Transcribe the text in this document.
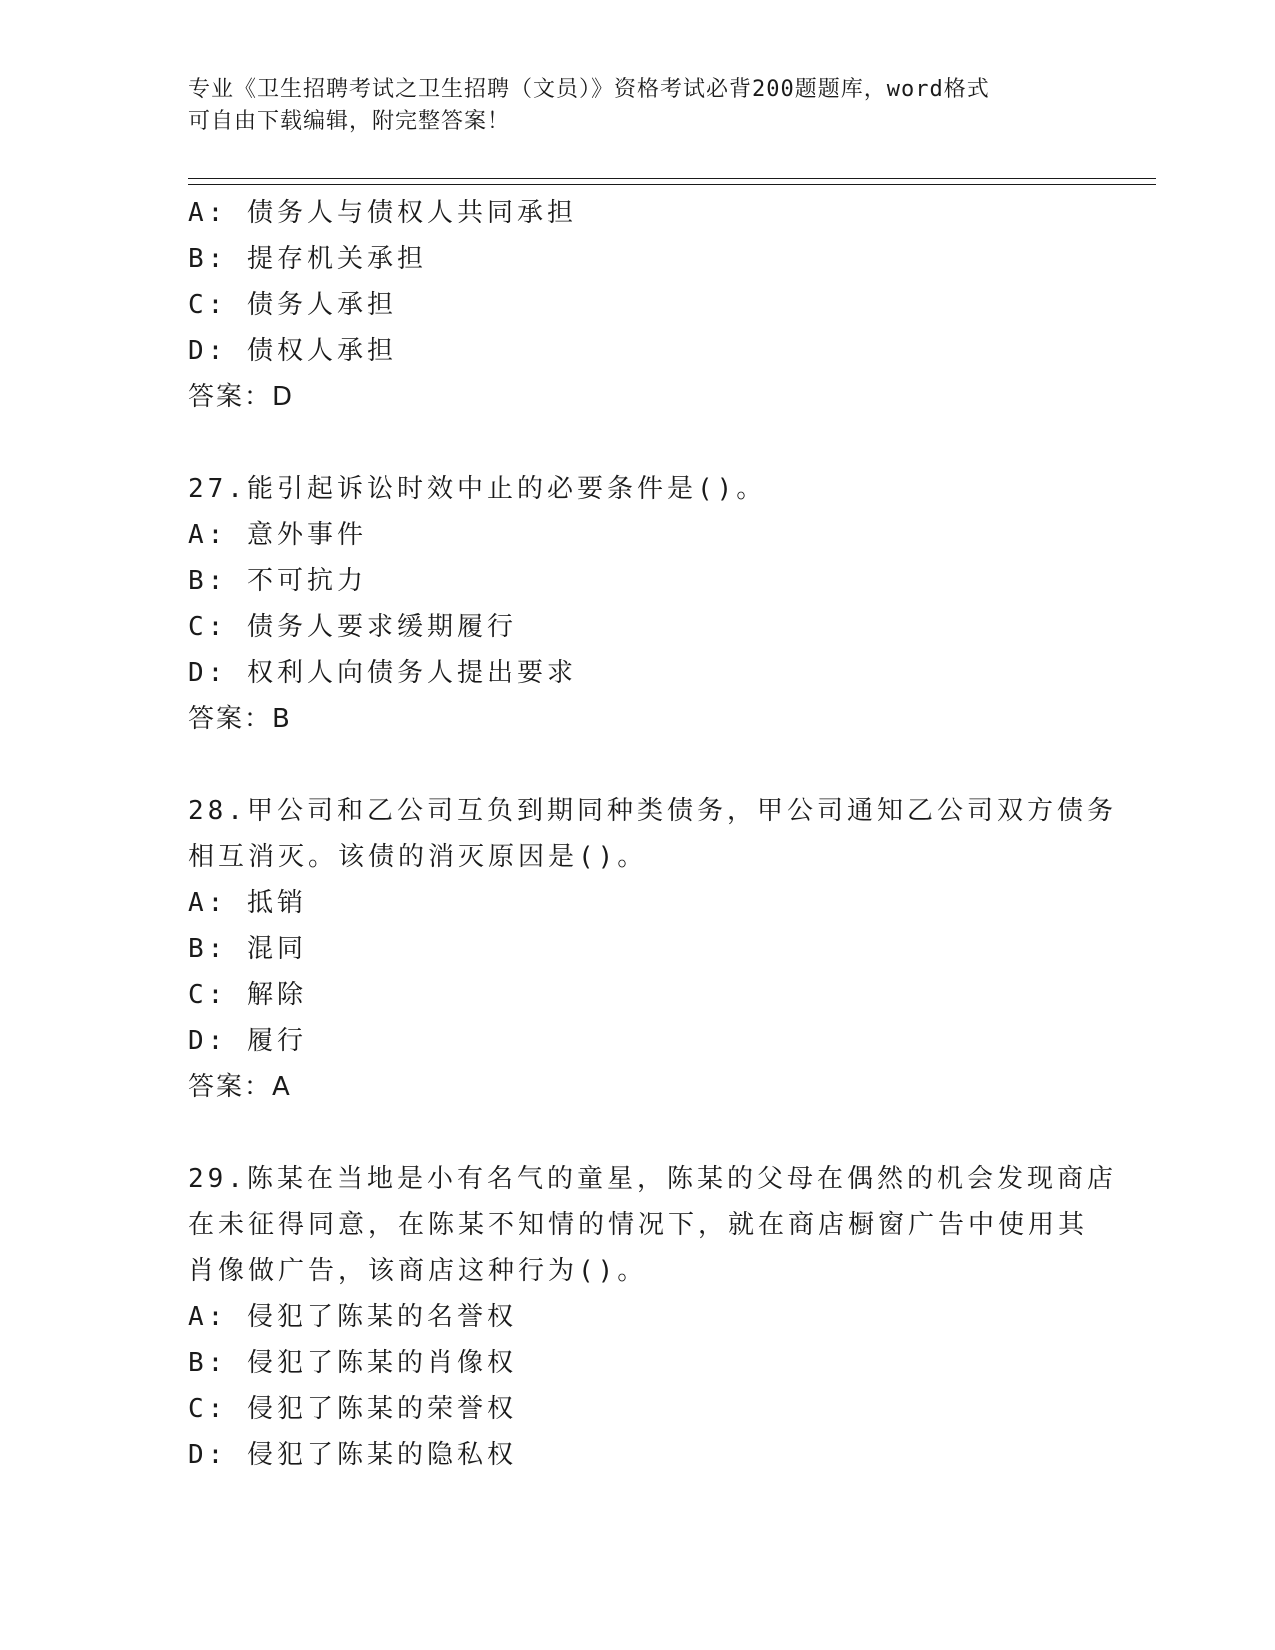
专业《卫生招聘考试之卫生招聘（文员）》资格考试必背200题题库，word格式
可自由下载编辑，附完整答案！
A: 债务人与债权人共同承担
B: 提存机关承担
C: 债务人承担
D: 债权人承担
答案：D
27.能引起诉讼时效中止的必要条件是()。
A: 意外事件
B: 不可抗力
C: 债务人要求缓期履行
D: 权利人向债务人提出要求
答案：B
28.甲公司和乙公司互负到期同种类债务，甲公司通知乙公司双方债务
相互消灭。该债的消灭原因是()。
A: 抵销
B: 混同
C: 解除
D: 履行
答案：A
29.陈某在当地是小有名气的童星，陈某的父母在偶然的机会发现商店
在未征得同意，在陈某不知情的情况下，就在商店橱窗广告中使用其
肖像做广告，该商店这种行为()。
A: 侵犯了陈某的名誉权
B: 侵犯了陈某的肖像权
C: 侵犯了陈某的荣誉权
D: 侵犯了陈某的隐私权
